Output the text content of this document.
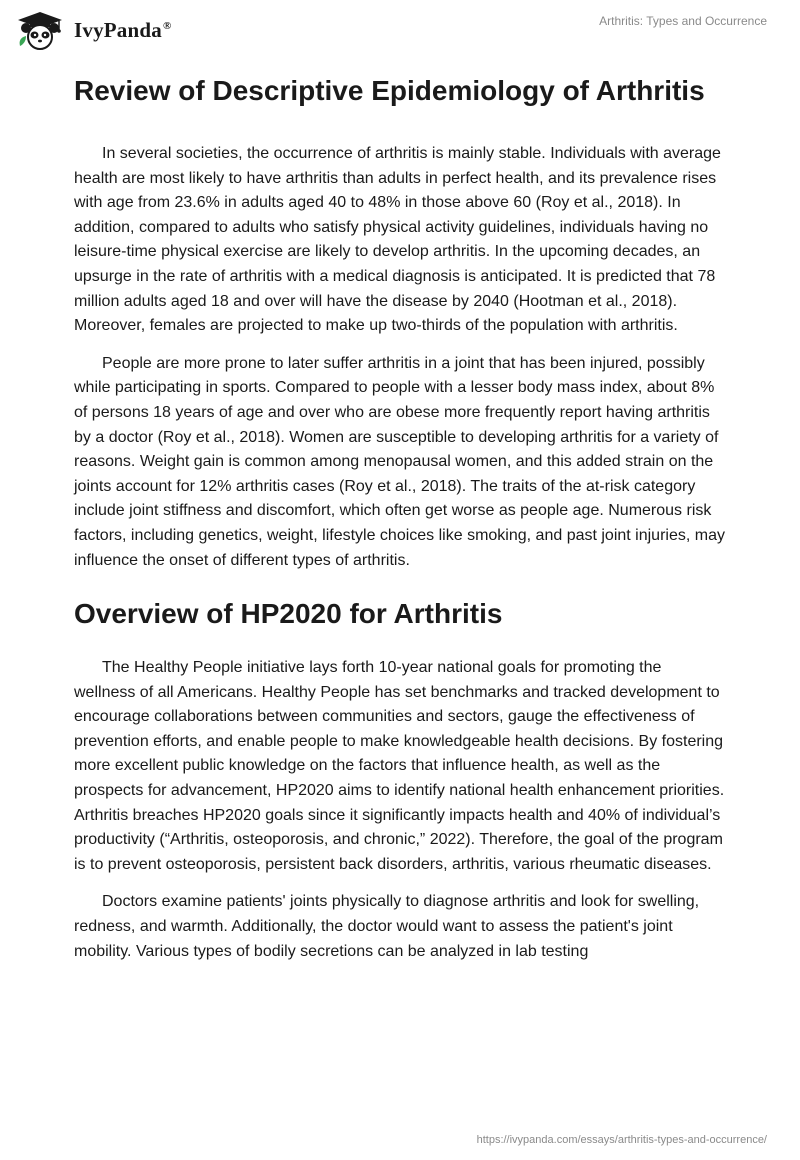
IvyPanda®	Arthritis: Types and Occurrence
Review of Descriptive Epidemiology of Arthritis

In several societies, the occurrence of arthritis is mainly stable. Individuals with average health are most likely to have arthritis than adults in perfect health, and its prevalence rises with age from 23.6% in adults aged 40 to 48% in those above 60 (Roy et al., 2018). In addition, compared to adults who satisfy physical activity guidelines, individuals having no leisure-time physical exercise are likely to develop arthritis. In the upcoming decades, an upsurge in the rate of arthritis with a medical diagnosis is anticipated. It is predicted that 78 million adults aged 18 and over will have the disease by 2040 (Hootman et al., 2018). Moreover, females are projected to make up two-thirds of the population with arthritis.

People are more prone to later suffer arthritis in a joint that has been injured, possibly while participating in sports. Compared to people with a lesser body mass index, about 8% of persons 18 years of age and over who are obese more frequently report having arthritis by a doctor (Roy et al., 2018). Women are susceptible to developing arthritis for a variety of reasons. Weight gain is common among menopausal women, and this added strain on the joints account for 12% arthritis cases (Roy et al., 2018). The traits of the at-risk category include joint stiffness and discomfort, which often get worse as people age. Numerous risk factors, including genetics, weight, lifestyle choices like smoking, and past joint injuries, may influence the onset of different types of arthritis.

Overview of HP2020 for Arthritis

The Healthy People initiative lays forth 10-year national goals for promoting the wellness of all Americans. Healthy People has set benchmarks and tracked development to encourage collaborations between communities and sectors, gauge the effectiveness of prevention efforts, and enable people to make knowledgeable health decisions. By fostering more excellent public knowledge on the factors that influence health, as well as the prospects for advancement, HP2020 aims to identify national health enhancement priorities. Arthritis breaches HP2020 goals since it significantly impacts health and 40% of individual’s productivity (“Arthritis, osteoporosis, and chronic,” 2022). Therefore, the goal of the program is to prevent osteoporosis, persistent back disorders, arthritis, various rheumatic diseases.

Doctors examine patients' joints physically to diagnose arthritis and look for swelling, redness, and warmth. Additionally, the doctor would want to assess the patient's joint mobility. Various types of bodily secretions can be analyzed in lab testing

https://ivypanda.com/essays/arthritis-types-and-occurrence/
